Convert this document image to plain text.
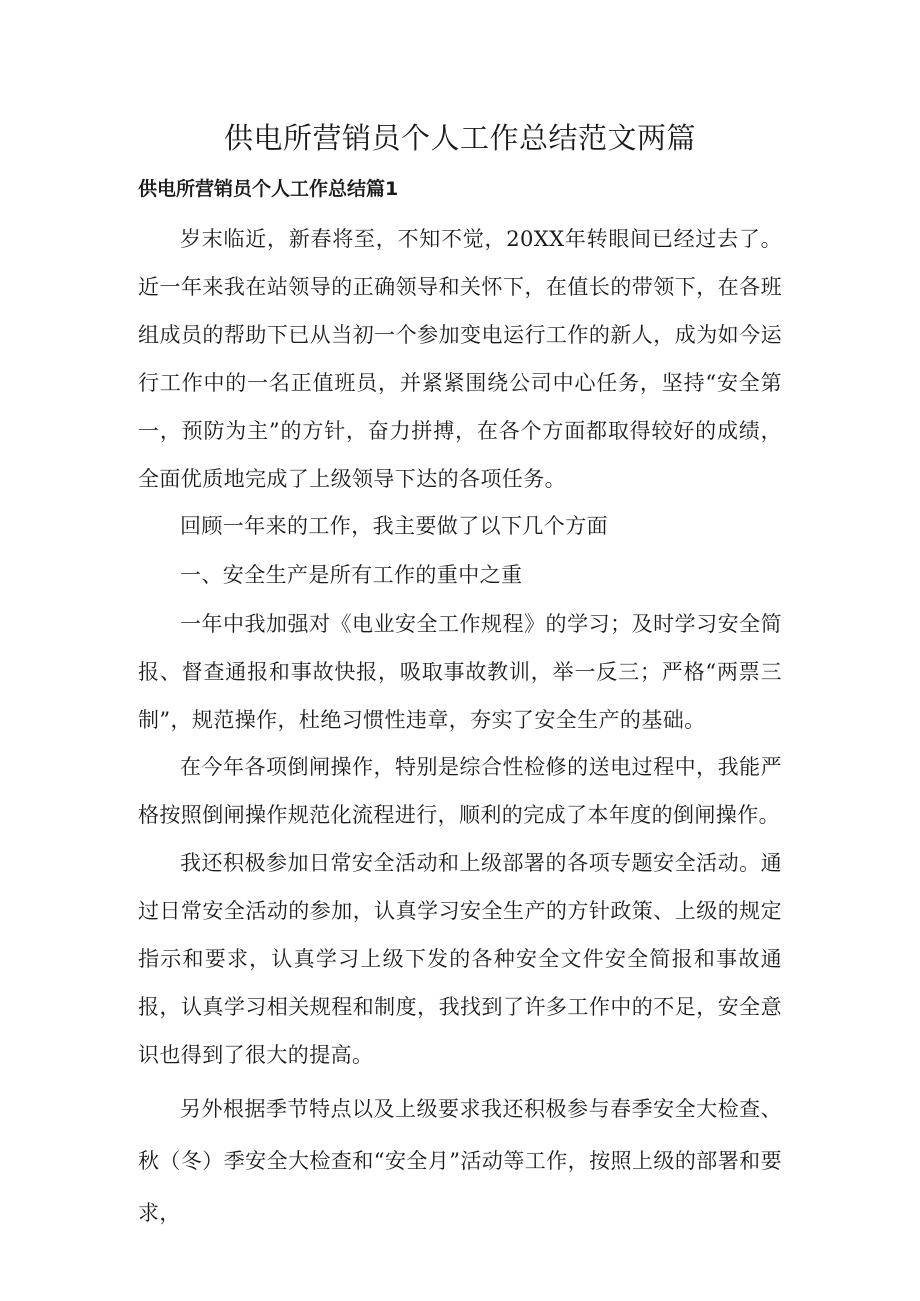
供电所营销员个人工作总结范文两篇
供电所营销员个人工作总结篇1

岁末临近，新春将至，不知不觉，20XX年转眼间已经过去了。近一年来我在站领导的正确领导和关怀下，在值长的带领下，在各班组成员的帮助下已从当初一个参加变电运行工作的新人，成为如今运行工作中的一名正值班员，并紧紧围绕公司中心任务，坚持“安全第一，预防为主”的方针，奋力拼搏，在各个方面都取得较好的成绩，全面优质地完成了上级领导下达的各项任务。

回顾一年来的工作，我主要做了以下几个方面

一、安全生产是所有工作的重中之重

一年中我加强对《电业安全工作规程》的学习；及时学习安全简报、督查通报和事故快报，吸取事故教训，举一反三；严格“两票三制”，规范操作，杜绝习惯性违章，夯实了安全生产的基础。

在今年各项倒闸操作，特别是综合性检修的送电过程中，我能严格按照倒闸操作规范化流程进行，顺利的完成了本年度的倒闸操作。

我还积极参加日常安全活动和上级部署的各项专题安全活动。通过日常安全活动的参加，认真学习安全生产的方针政策、上级的规定指示和要求，认真学习上级下发的各种安全文件安全简报和事故通报，认真学习相关规程和制度，我找到了许多工作中的不足，安全意识也得到了很大的提高。

另外根据季节特点以及上级要求我还积极参与春季安全大检查、秋（冬）季安全大检查和“安全月”活动等工作，按照上级的部署和要求，
